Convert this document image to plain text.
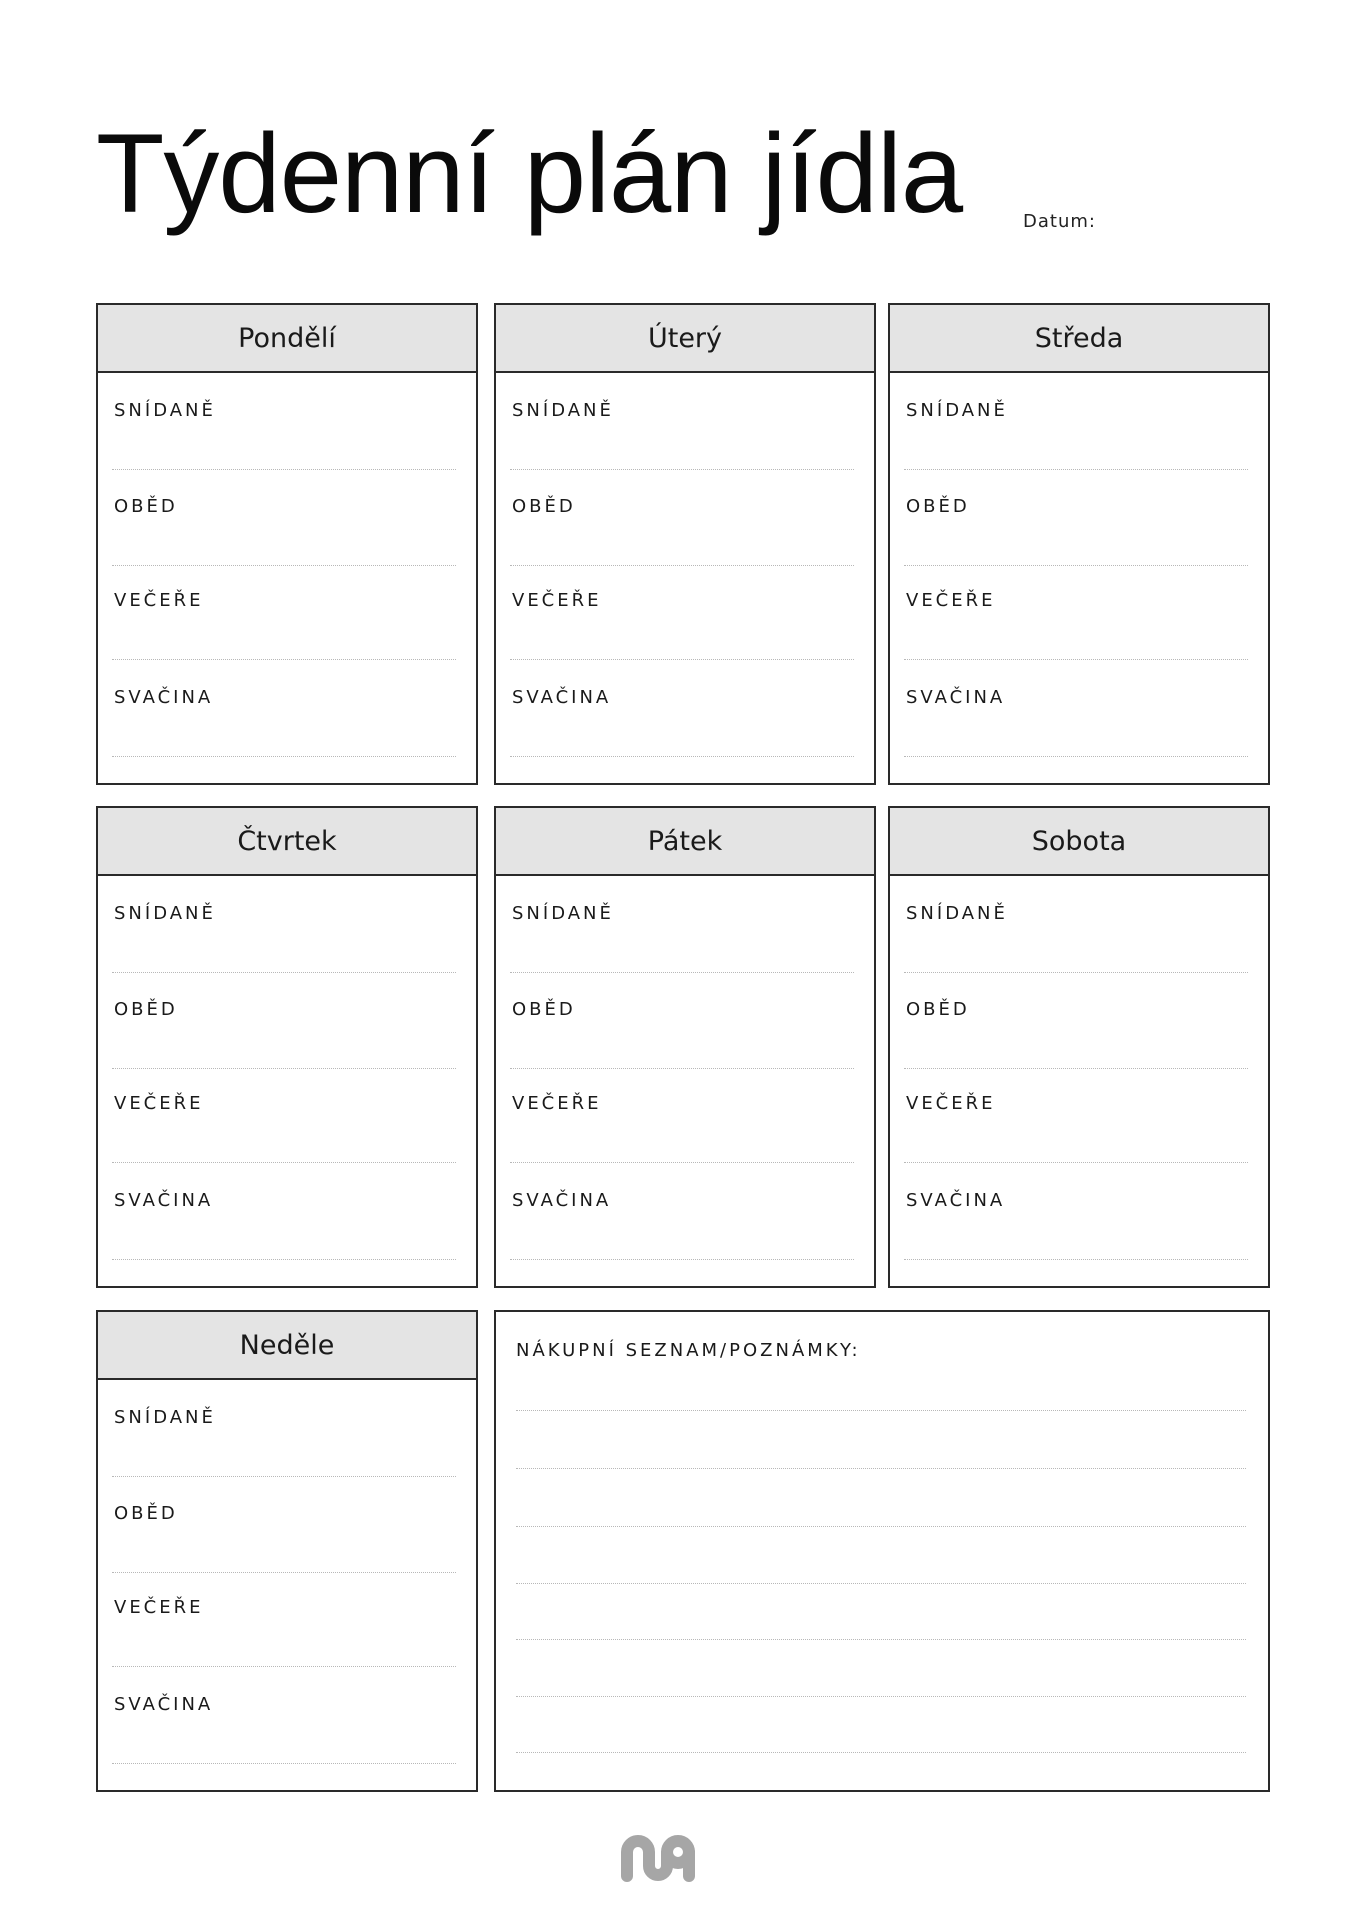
Týdenní plán jídla	Datum:
Pondělí
SNÍDANĚ
OBĚD
VEČEŘE
SVAČINA
Úterý
SNÍDANĚ
OBĚD
VEČEŘE
SVAČINA
Středa
SNÍDANĚ
OBĚD
VEČEŘE
SVAČINA
Čtvrtek
SNÍDANĚ
OBĚD
VEČEŘE
SVAČINA
Pátek
SNÍDANĚ
OBĚD
VEČEŘE
SVAČINA
Sobota
SNÍDANĚ
OBĚD
VEČEŘE
SVAČINA
Neděle
SNÍDANĚ
OBĚD
VEČEŘE
SVAČINA
NÁKUPNÍ SEZNAM/POZNÁMKY:
